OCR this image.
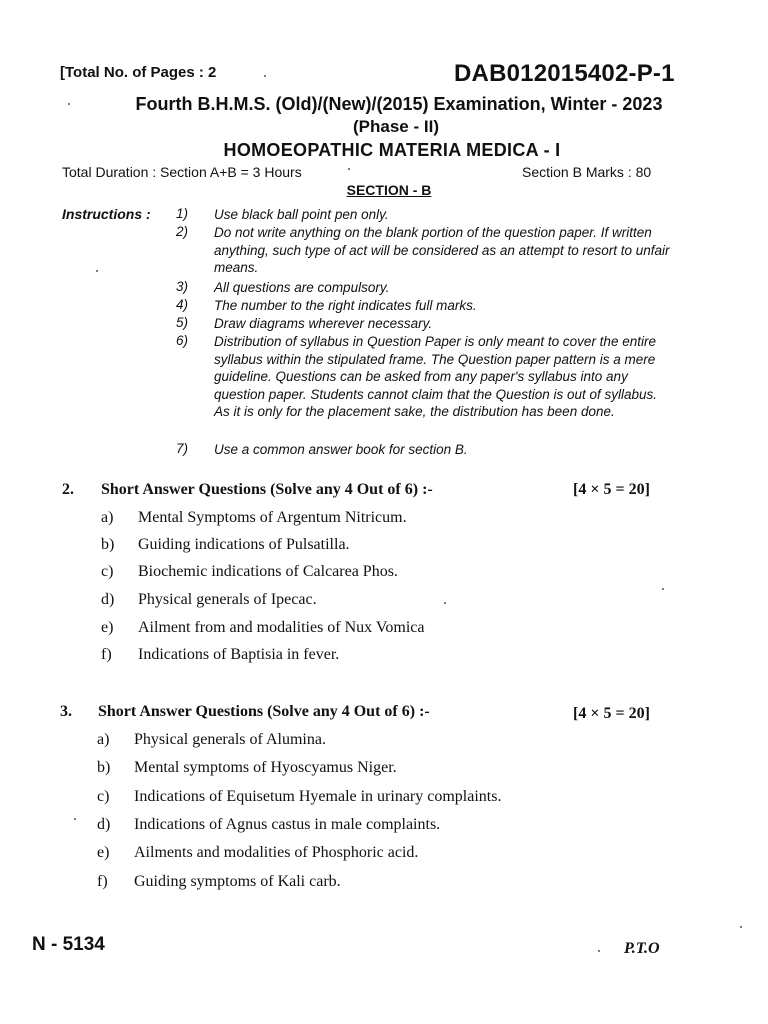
[Total No. of Pages : 2	DAB012015402-P-1
Fourth B.H.M.S. (Old)/(New)/(2015) Examination, Winter - 2023
(Phase - II)
HOMOEOPATHIC MATERIA MEDICA - I
Total Duration : Section A+B = 3 Hours	Section B Marks : 80
SECTION - B
Instructions : 1) Use black ball point pen only.
2) Do not write anything on the blank portion of the question paper. If written anything, such type of act will be considered as an attempt to resort to unfair means.
3) All questions are compulsory.
4) The number to the right indicates full marks.
5) Draw diagrams wherever necessary.
6) Distribution of syllabus in Question Paper is only meant to cover the entire syllabus within the stipulated frame. The Question paper pattern is a mere guideline. Questions can be asked from any paper's syllabus into any question paper. Students cannot claim that the Question is out of syllabus. As it is only for the placement sake, the distribution has been done.
7) Use a common answer book for section B.
2. Short Answer Questions (Solve any 4 Out of 6) :-	[4 × 5 = 20]
a) Mental Symptoms of Argentum Nitricum.
b) Guiding indications of Pulsatilla.
c) Biochemic indications of Calcarea Phos.
d) Physical generals of Ipecac.
e) Ailment from and modalities of Nux Vomica
f) Indications of Baptisia in fever.
3. Short Answer Questions (Solve any 4 Out of 6) :-	[4 × 5 = 20]
a) Physical generals of Alumina.
b) Mental symptoms of Hyoscyamus Niger.
c) Indications of Equisetum Hyemale in urinary complaints.
d) Indications of Agnus castus in male complaints.
e) Ailments and modalities of Phosphoric acid.
f) Guiding symptoms of Kali carb.
N - 5134	P.T.O
